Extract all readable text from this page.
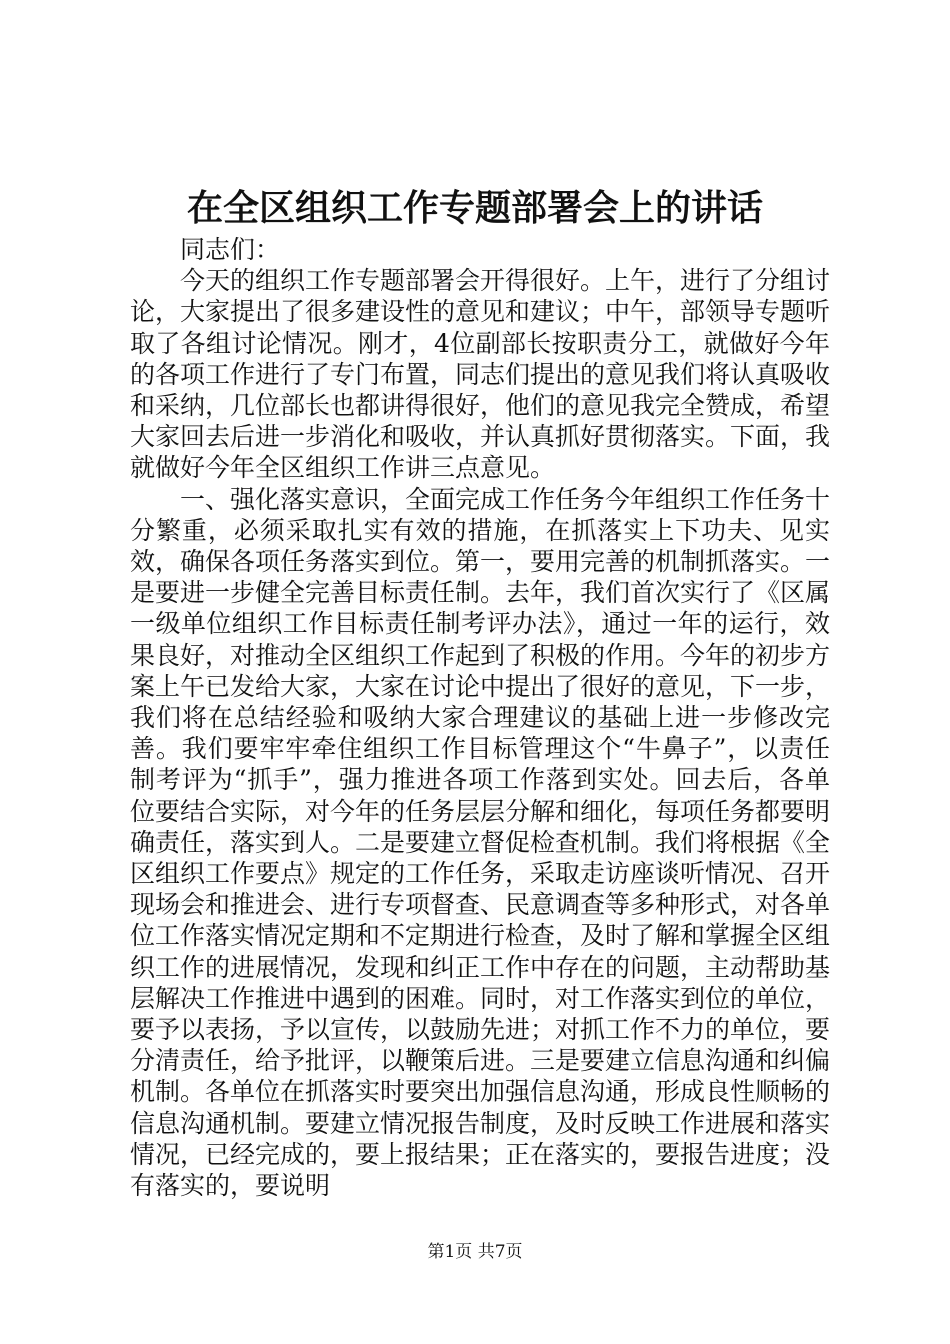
在全区组织工作专题部署会上的讲话

同志们：

今天的组织工作专题部署会开得很好。上午，进行了分组讨论，大家提出了很多建设性的意见和建议；中午，部领导专题听取了各组讨论情况。刚才，4位副部长按职责分工，就做好今年的各项工作进行了专门布置，同志们提出的意见我们将认真吸收和采纳，几位部长也都讲得很好，他们的意见我完全赞成，希望大家回去后进一步消化和吸收，并认真抓好贯彻落实。下面，我就做好今年全区组织工作讲三点意见。

一、强化落实意识，全面完成工作任务今年组织工作任务十分繁重，必须采取扎实有效的措施，在抓落实上下功夫、见实效，确保各项任务落实到位。第一，要用完善的机制抓落实。一是要进一步健全完善目标责任制。去年，我们首次实行了《区属一级单位组织工作目标责任制考评办法》，通过一年的运行，效果良好，对推动全区组织工作起到了积极的作用。今年的初步方案上午已发给大家，大家在讨论中提出了很好的意见，下一步，我们将在总结经验和吸纳大家合理建议的基础上进一步修改完善。我们要牢牢牵住组织工作目标管理这个“牛鼻子”，以责任制考评为“抓手”，强力推进各项工作落到实处。回去后，各单位要结合实际，对今年的任务层层分解和细化，每项任务都要明确责任，落实到人。二是要建立督促检查机制。我们将根据《全区组织工作要点》规定的工作任务，采取走访座谈听情况、召开现场会和推进会、进行专项督查、民意调查等多种形式，对各单位工作落实情况定期和不定期进行检查，及时了解和掌握全区组织工作的进展情况，发现和纠正工作中存在的问题，主动帮助基层解决工作推进中遇到的困难。同时，对工作落实到位的单位，要予以表扬，予以宣传，以鼓励先进；对抓工作不力的单位，要分清责任，给予批评，以鞭策后进。三是要建立信息沟通和纠偏机制。各单位在抓落实时要突出加强信息沟通，形成良性顺畅的信息沟通机制。要建立情况报告制度，及时反映工作进展和落实情况，已经完成的，要上报结果；正在落实的，要报告进度；没有落实的，要说明

第1页 共7页
